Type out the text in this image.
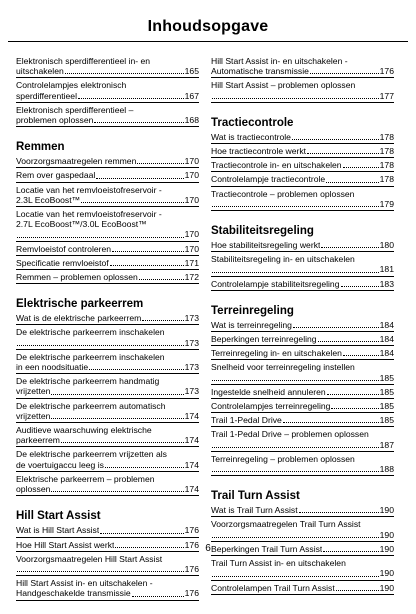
Inhoudsopgave
Elektronisch sperdifferentieel in- en
uitschakelen	165
Controlelampjes elektronisch
sperdifferentieel	167
Elektronisch sperdifferentieel –
problemen oplossen	168
Remmen
Voorzorgsmaatregelen remmen	170
Rem over gaspedaal	170
Locatie van het remvloeistofreservoir -
2.3L EcoBoost™	170
Locatie van het remvloeistofreservoir -
2.7L EcoBoost™/3.0L EcoBoost™
170
Remvloeistof controleren	170
Specificatie remvloeistof	171
Remmen – problemen oplossen	172
Elektrische parkeerrem
Wat is de elektrische parkeerrem	173
De elektrische parkeerrem inschakelen
173
De elektrische parkeerrem inschakelen
in een noodsituatie	173
De elektrische parkeerrem handmatig
vrijzetten	173
De elektrische parkeerrem automatisch
vrijzetten	174
Auditieve waarschuwing elektrische
parkeerrem	174
De elektrische parkeerrem vrijzetten als
de voertuigaccu leeg is	174
Elektrische parkeerrem – problemen
oplossen	174
Hill Start Assist
Wat is Hill Start Assist	176
Hoe Hill Start Assist werkt	176
Voorzorgsmaatregelen Hill Start Assist
176
Hill Start Assist in- en uitschakelen -
Handgeschakelde transmissie	176
Hill Start Assist in- en uitschakelen -
Automatische transmissie	176
Hill Start Assist – problemen oplossen
177
Tractiecontrole
Wat is tractiecontrole	178
Hoe tractiecontrole werkt	178
Tractiecontrole in- en uitschakelen	178
Controlelampje tractiecontrole	178
Tractiecontrole – problemen oplossen
179
Stabiliteitsregeling
Hoe stabiliteitsregeling werkt	180
Stabiliteitsregeling in- en uitschakelen
181
Controlelampje stabiliteitsregeling	183
Terreinregeling
Wat is terreinregeling	184
Beperkingen terreinregeling	184
Terreinregeling in- en uitschakelen	184
Snelheid voor terreinregeling instellen
185
Ingestelde snelheid annuleren	185
Controlelampjes terreinregeling	185
Trail 1-Pedal Drive	185
Trail 1-Pedal Drive – problemen oplossen
187
Terreinregeling – problemen oplossen
188
Trail Turn Assist
Wat is Trail Turn Assist	190
Voorzorgsmaatregelen Trail Turn Assist
190
Beperkingen Trail Turn Assist	190
Trail Turn Assist in- en uitschakelen
190
Controlelampen Trail Turn Assist	190
6
